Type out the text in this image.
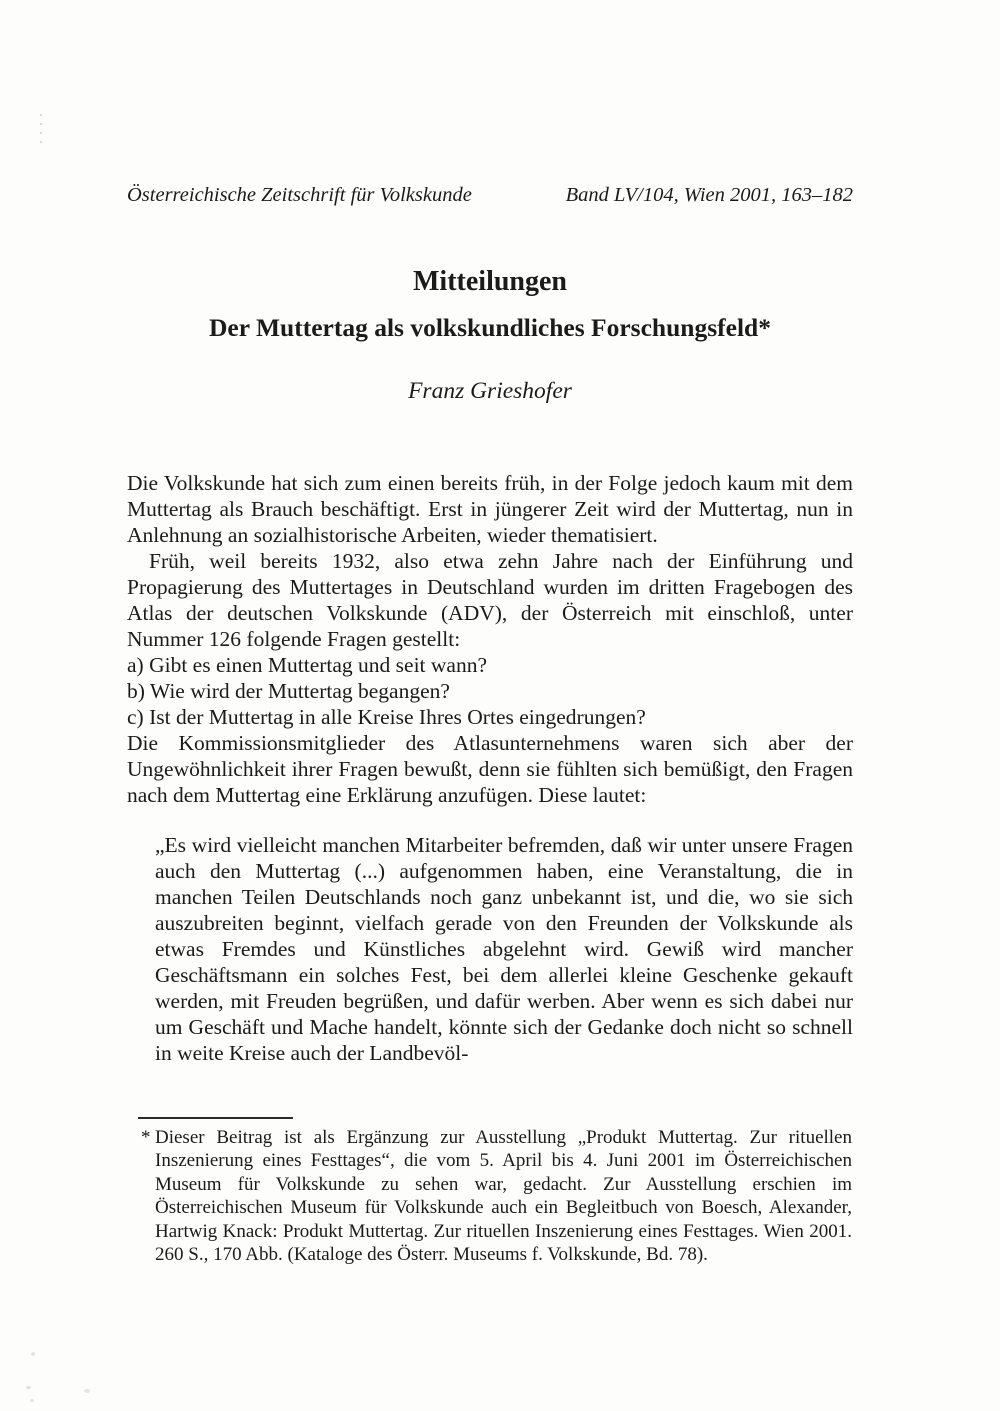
Österreichische Zeitschrift für Volkskunde	Band LV/104, Wien 2001, 163–182
Mitteilungen
Der Muttertag als volkskundliches Forschungsfeld*
Franz Grieshofer

Die Volkskunde hat sich zum einen bereits früh, in der Folge jedoch kaum mit dem Muttertag als Brauch beschäftigt. Erst in jüngerer Zeit wird der Muttertag, nun in Anlehnung an sozialhistorische Arbeiten, wieder thematisiert.

Früh, weil bereits 1932, also etwa zehn Jahre nach der Einführung und Propagierung des Muttertages in Deutschland wurden im dritten Fragebogen des Atlas der deutschen Volkskunde (ADV), der Österreich mit einschloß, unter Nummer 126 folgende Fragen gestellt:

a) Gibt es einen Muttertag und seit wann?

b) Wie wird der Muttertag begangen?

c) Ist der Muttertag in alle Kreise Ihres Ortes eingedrungen?

Die Kommissionsmitglieder des Atlasunternehmens waren sich aber der Ungewöhnlichkeit ihrer Fragen bewußt, denn sie fühlten sich bemüßigt, den Fragen nach dem Muttertag eine Erklärung anzufügen. Diese lautet:

„Es wird vielleicht manchen Mitarbeiter befremden, daß wir unter unsere Fragen auch den Muttertag (...) aufgenommen haben, eine Veranstaltung, die in manchen Teilen Deutschlands noch ganz unbekannt ist, und die, wo sie sich auszubreiten beginnt, vielfach gerade von den Freunden der Volkskunde als etwas Fremdes und Künstliches abgelehnt wird. Gewiß wird mancher Geschäftsmann ein solches Fest, bei dem allerlei kleine Geschenke gekauft werden, mit Freuden begrüßen, und dafür werben. Aber wenn es sich dabei nur um Geschäft und Mache handelt, könnte sich der Gedanke doch nicht so schnell in weite Kreise auch der Landbevöl-

* Dieser Beitrag ist als Ergänzung zur Ausstellung „Produkt Muttertag. Zur rituellen Inszenierung eines Festtages“, die vom 5. April bis 4. Juni 2001 im Österreichischen Museum für Volkskunde zu sehen war, gedacht. Zur Ausstellung erschien im Österreichischen Museum für Volkskunde auch ein Begleitbuch von Boesch, Alexander, Hartwig Knack: Produkt Muttertag. Zur rituellen Inszenierung eines Festtages. Wien 2001. 260 S., 170 Abb. (Kataloge des Österr. Museums f. Volkskunde, Bd. 78).
